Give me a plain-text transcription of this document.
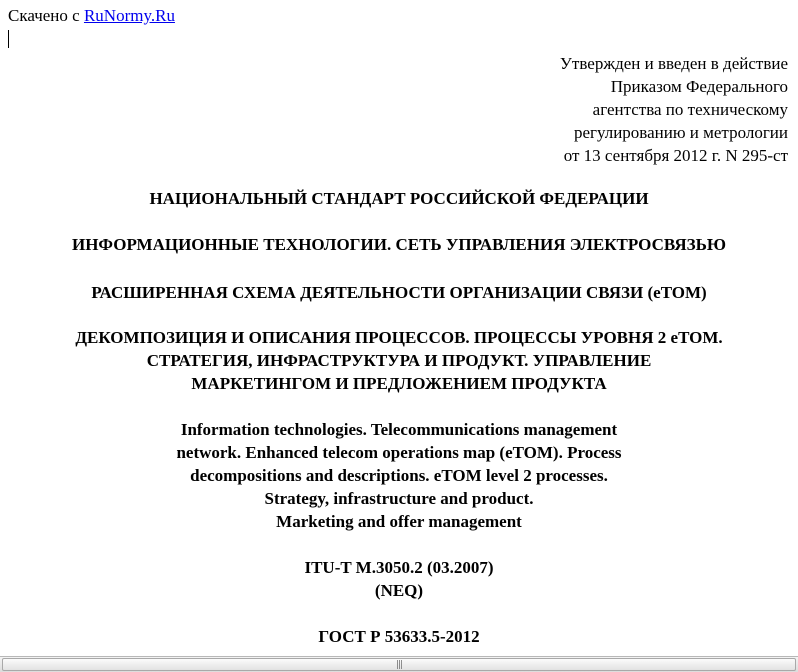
Скачено с RuNormy.Ru
Утвержден и введен в действие
Приказом Федерального
агентства по техническому
регулированию и метрологии
от 13 сентября 2012 г. N 295-ст
НАЦИОНАЛЬНЫЙ СТАНДАРТ РОССИЙСКОЙ ФЕДЕРАЦИИ
ИНФОРМАЦИОННЫЕ ТЕХНОЛОГИИ. СЕТЬ УПРАВЛЕНИЯ ЭЛЕКТРОСВЯЗЬЮ
РАСШИРЕННАЯ СХЕМА ДЕЯТЕЛЬНОСТИ ОРГАНИЗАЦИИ СВЯЗИ (eTOM)
ДЕКОМПОЗИЦИЯ И ОПИСАНИЯ ПРОЦЕССОВ. ПРОЦЕССЫ УРОВНЯ 2 eTOM.
СТРАТЕГИЯ, ИНФРАСТРУКТУРА И ПРОДУКТ. УПРАВЛЕНИЕ
МАРКЕТИНГОМ И ПРЕДЛОЖЕНИЕМ ПРОДУКТА
Information technologies. Telecommunications management
network. Enhanced telecom operations map (eTOM). Process
decompositions and descriptions. eTOM level 2 processes.
Strategy, infrastructure and product.
Marketing and offer management
ITU-T M.3050.2 (03.2007)
(NEQ)
ГОСТ Р 53633.5-2012
|||
